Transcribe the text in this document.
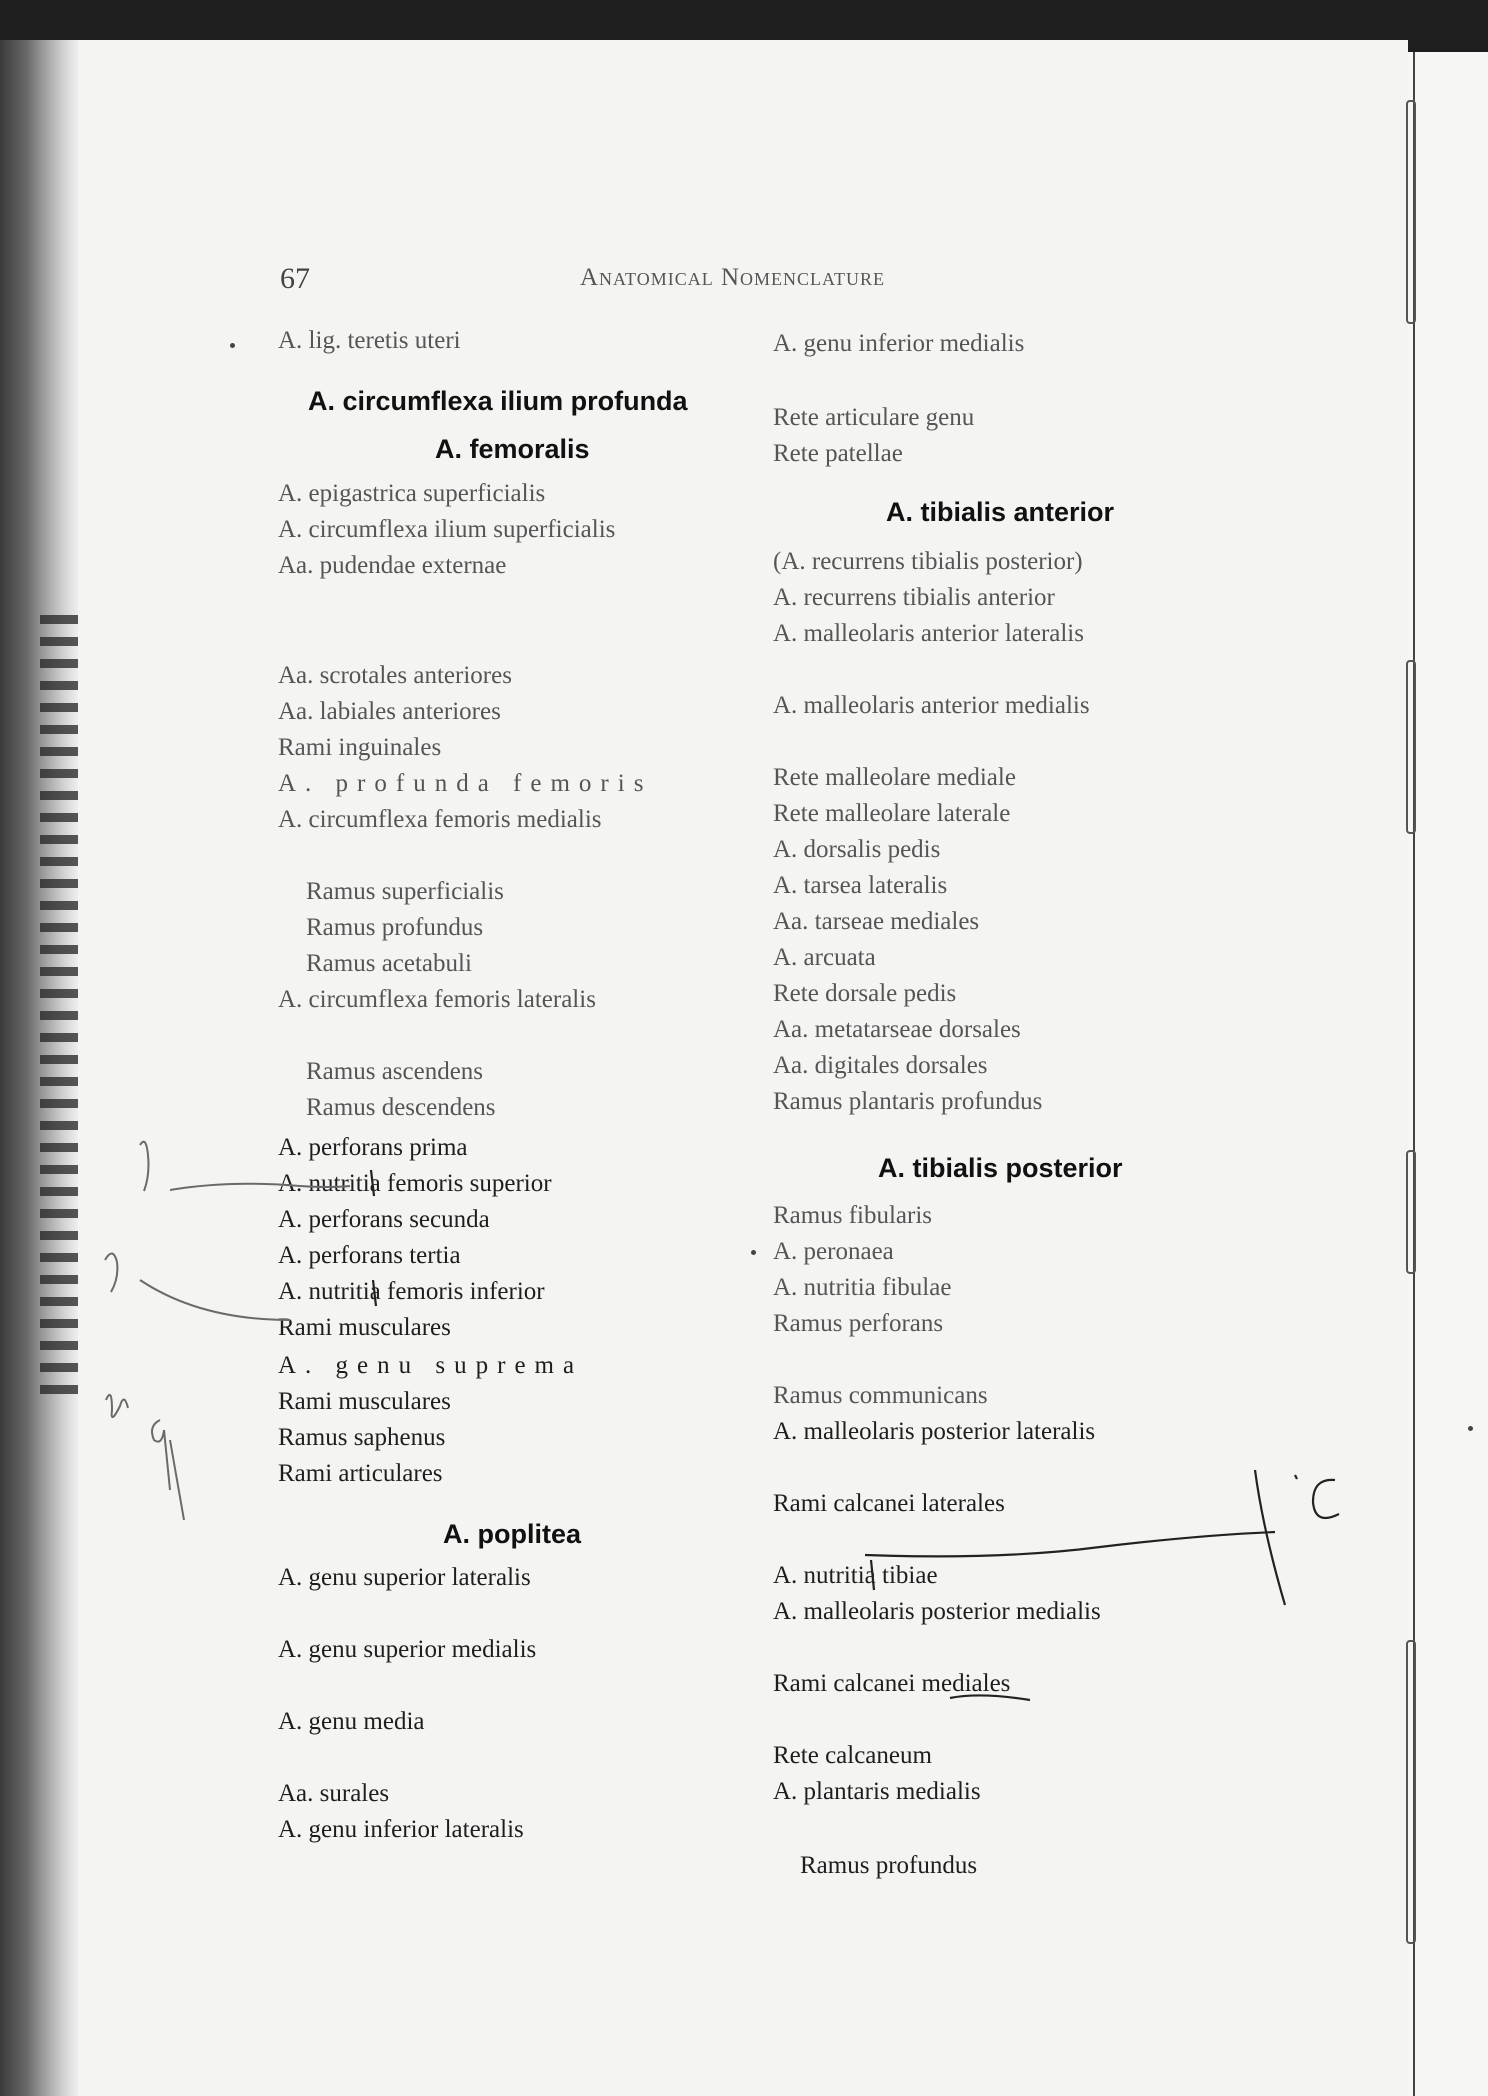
67	Anatomical Nomenclature
A. lig. teretis uteri
A. circumflexa ilium profunda
A. femoralis
A. epigastrica superficialis
A. circumflexa ilium superficialis
Aa. pudendae externae
Aa. scrotales anteriores
Aa. labiales anteriores
Rami inguinales
A. profunda femoris
A. circumflexa femoris medialis
Ramus superficialis
Ramus profundus
Ramus acetabuli
A. circumflexa femoris lateralis
Ramus ascendens
Ramus descendens
A. perforans prima
A. nutritia femoris superior
A. perforans secunda
A. perforans tertia
A. nutritia femoris inferior
Rami musculares
A. genu suprema
Rami musculares
Ramus saphenus
Rami articulares
A. poplitea
A. genu superior lateralis
A. genu superior medialis
A. genu media
Aa. surales
A. genu inferior lateralis
A. genu inferior medialis
Rete articulare genu
Rete patellae
A. tibialis anterior
(A. recurrens tibialis posterior)
A. recurrens tibialis anterior
A. malleolaris anterior lateralis
A. malleolaris anterior medialis
Rete malleolare mediale
Rete malleolare laterale
A. dorsalis pedis
A. tarsea lateralis
Aa. tarseae mediales
A. arcuata
Rete dorsale pedis
Aa. metatarseae dorsales
Aa. digitales dorsales
Ramus plantaris profundus
A. tibialis posterior
Ramus fibularis
A. peronaea
A. nutritia fibulae
Ramus perforans
Ramus communicans
A. malleolaris posterior lateralis
Rami calcanei laterales
A. nutritia tibiae
A. malleolaris posterior medialis
Rami calcanei mediales
Rete calcaneum
A. plantaris medialis
Ramus profundus
